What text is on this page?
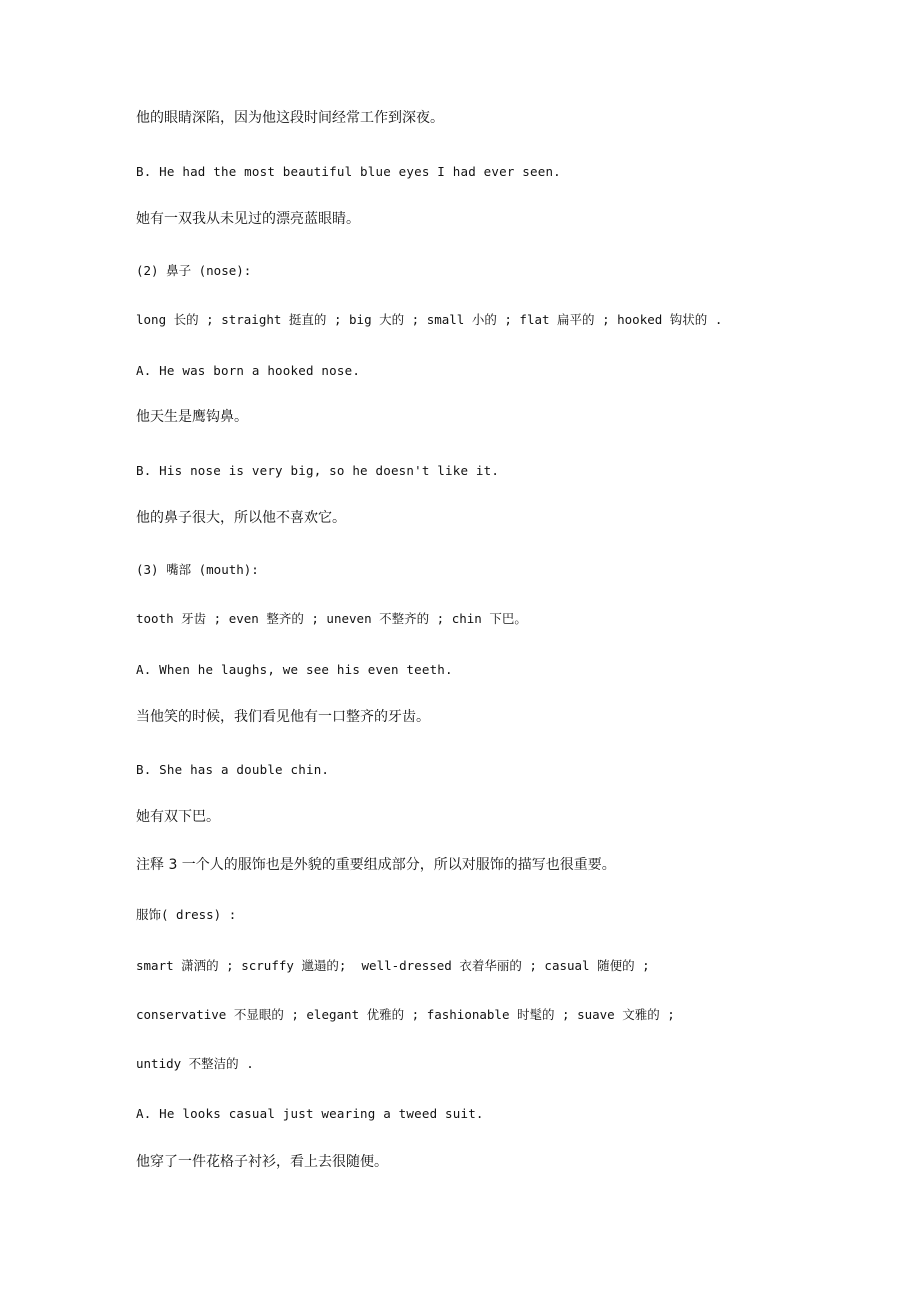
他的眼睛深陷，因为他这段时间经常工作到深夜。
B. He had the most beautiful blue eyes I had ever seen.
她有一双我从未见过的漂亮蓝眼睛。
(2) 鼻子 (nose):
long 长的 ; straight 挺直的 ; big 大的 ; small 小的 ; flat 扁平的 ; hooked 钩状的 .
A. He was born a hooked nose.
他天生是鹰钩鼻。
B. His nose is very big, so he doesn't like it.
他的鼻子很大，所以他不喜欢它。
(3) 嘴部 (mouth):
tooth 牙齿 ; even 整齐的 ; uneven 不整齐的 ; chin 下巴。
A. When he laughs, we see his even teeth.
当他笑的时候，我们看见他有一口整齐的牙齿。
B. She has a double chin.
她有双下巴。
注释 3 一个人的服饰也是外貌的重要组成部分，所以对服饰的描写也很重要。
服饰( dress) :
smart 潇洒的 ; scruffy 邋遢的;  well-dressed 衣着华丽的 ; casual 随便的 ;
conservative 不显眼的 ; elegant 优雅的 ; fashionable 时髦的 ; suave 文雅的 ;
untidy 不整洁的 .
A. He looks casual just wearing a tweed suit.
他穿了一件花格子衬衫，看上去很随便。
